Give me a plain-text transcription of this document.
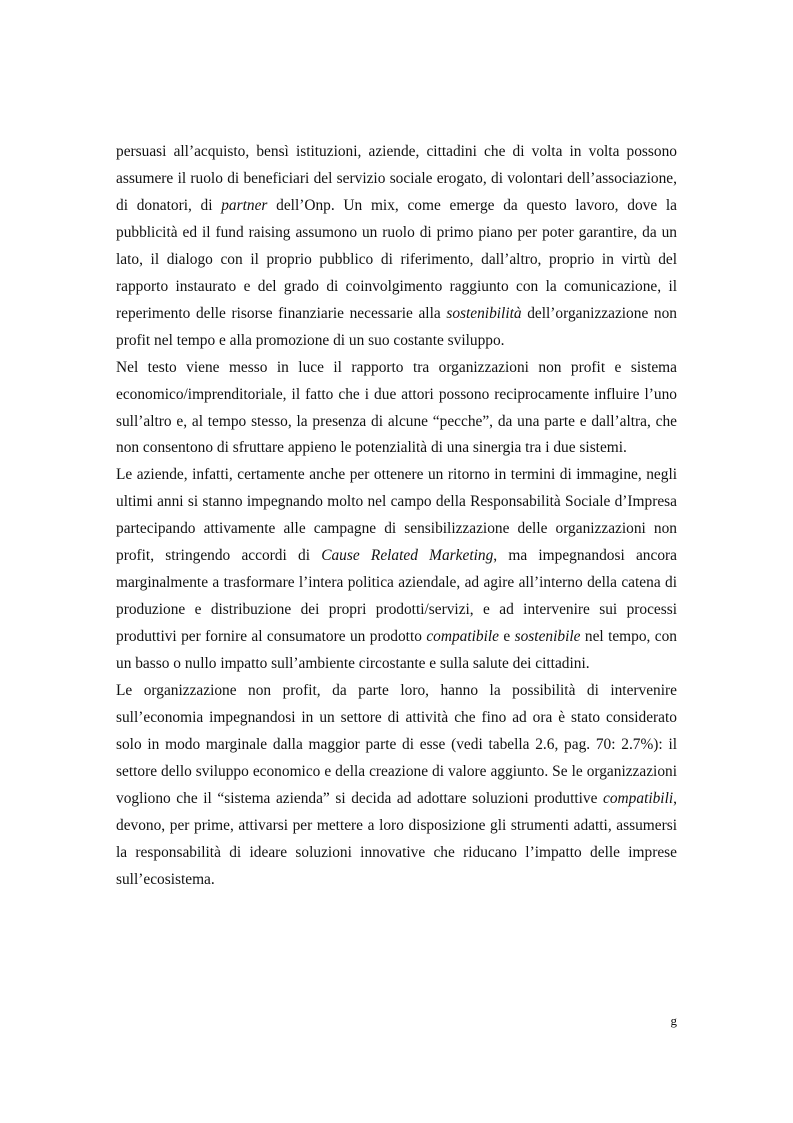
persuasi all’acquisto, bensì istituzioni, aziende, cittadini che di volta in volta possono assumere il ruolo di beneficiari del servizio sociale erogato, di volontari dell’associazione, di donatori, di partner dell’Onp. Un mix, come emerge da questo lavoro, dove la pubblicità ed il fund raising assumono un ruolo di primo piano per poter garantire, da un lato, il dialogo con il proprio pubblico di riferimento, dall’altro, proprio in virtù del rapporto instaurato e del grado di coinvolgimento raggiunto con la comunicazione, il reperimento delle risorse finanziarie necessarie alla sostenibilità dell’organizzazione non profit nel tempo e alla promozione di un suo costante sviluppo.

Nel testo viene messo in luce il rapporto tra organizzazioni non profit e sistema economico/imprenditoriale, il fatto che i due attori possono reciprocamente influire l’uno sull’altro e, al tempo stesso, la presenza di alcune “pecche”, da una parte e dall’altra, che non consentono di sfruttare appieno le potenzialità di una sinergia tra i due sistemi.

Le aziende, infatti, certamente anche per ottenere un ritorno in termini di immagine, negli ultimi anni si stanno impegnando molto nel campo della Responsabilità Sociale d’Impresa partecipando attivamente alle campagne di sensibilizzazione delle organizzazioni non profit, stringendo accordi di Cause Related Marketing, ma impegnandosi ancora marginalmente a trasformare l’intera politica aziendale, ad agire all’interno della catena di produzione e distribuzione dei propri prodotti/servizi, e ad intervenire sui processi produttivi per fornire al consumatore un prodotto compatibile e sostenibile nel tempo, con un basso o nullo impatto sull’ambiente circostante e sulla salute dei cittadini.

Le organizzazione non profit, da parte loro, hanno la possibilità di intervenire sull’economia impegnandosi in un settore di attività che fino ad ora è stato considerato solo in modo marginale dalla maggior parte di esse (vedi tabella 2.6, pag. 70: 2.7%): il settore dello sviluppo economico e della creazione di valore aggiunto. Se le organizzazioni vogliono che il “sistema azienda” si decida ad adottare soluzioni produttive compatibili, devono, per prime, attivarsi per mettere a loro disposizione gli strumenti adatti, assumersi la responsabilità di ideare soluzioni innovative che riducano l’impatto delle imprese sull’ecosistema.

g
